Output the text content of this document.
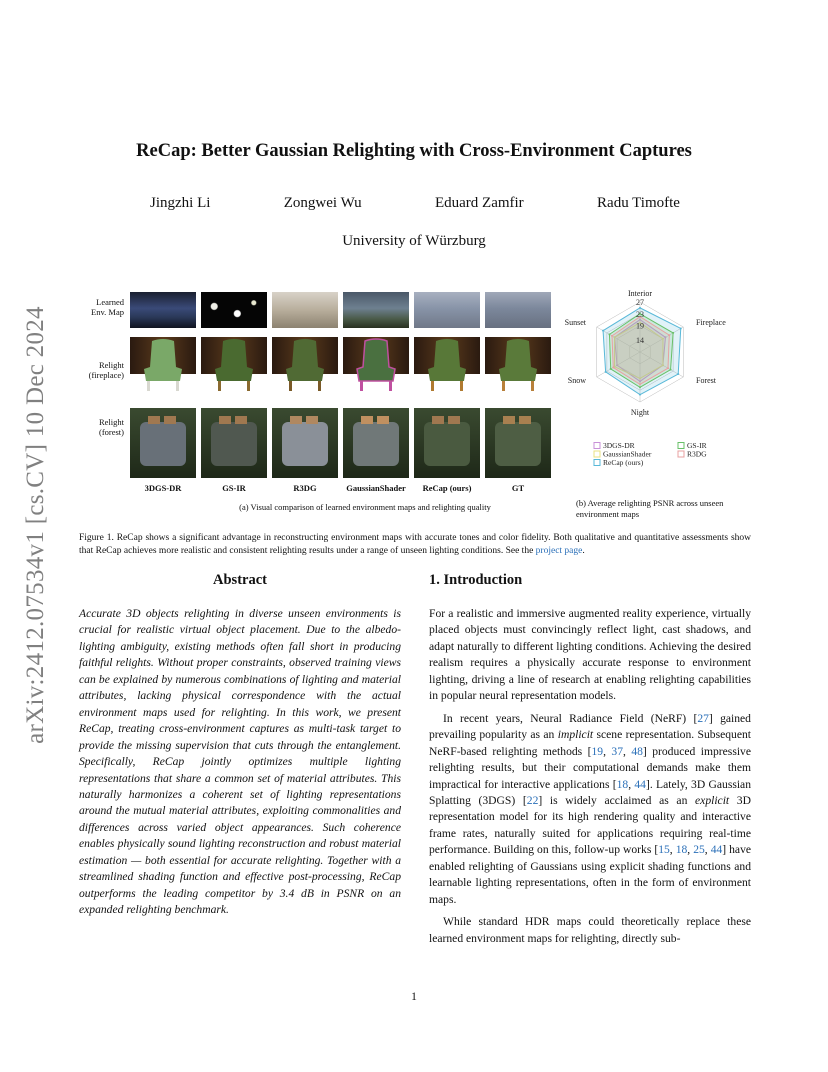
arXiv:2412.07534v1 [cs.CV] 10 Dec 2024
ReCap: Better Gaussian Relighting with Cross-Environment Captures
Jingzhi Li	Zongwei Wu	Eduard Zamfir	Radu Timofte
University of Würzburg
Learned
Env. Map
Relight
(fireplace)
Relight
(forest)
3DGS-DR	GS-IR	R3DG	GaussianShader	ReCap (ours)	GT
(a) Visual comparison of learned environment maps and relighting quality
14
19
23
27
Interior
Fireplace
Forest
Night
Snow
Sunset
3DGS-DR	GS-IR
GaussianShader	R3DG
ReCap (ours)
(b) Average relighting PSNR across unseen environment maps

Figure 1. ReCap shows a significant advantage in reconstructing environment maps with accurate tones and color fidelity. Both qualitative and quantitative assessments show that ReCap achieves more realistic and consistent relighting results under a range of unseen lighting conditions. See the project page.

Abstract

Accurate 3D objects relighting in diverse unseen environments is crucial for realistic virtual object placement. Due to the albedo-lighting ambiguity, existing methods often fall short in producing faithful relights. Without proper constraints, observed training views can be explained by numerous combinations of lighting and material attributes, lacking physical correspondence with the actual environment maps used for relighting. In this work, we present ReCap, treating cross-environment captures as multi-task target to provide the missing supervision that cuts through the entanglement. Specifically, ReCap jointly optimizes multiple lighting representations that share a common set of material attributes. This naturally harmonizes a coherent set of lighting representations around the mutual material attributes, exploiting commonalities and differences across varied object appearances. Such coherence enables physically sound lighting reconstruction and robust material estimation — both essential for accurate relighting. Together with a streamlined shading function and effective post-processing, ReCap outperforms the leading competitor by 3.4 dB in PSNR on an expanded relighting benchmark.

1. Introduction

For a realistic and immersive augmented reality experience, virtually placed objects must convincingly reflect light, cast shadows, and adapt naturally to different lighting conditions. Achieving the desired realism requires a physically accurate response to environment lighting, driving a line of research at enabling relighting capabilities in popular neural representation models.

In recent years, Neural Radiance Field (NeRF) [27] gained prevailing popularity as an implicit scene representation. Subsequent NeRF-based relighting methods [19, 37, 48] produced impressive relighting results, but their computational demands make them impractical for interactive applications [18, 44]. Lately, 3D Gaussian Splatting (3DGS) [22] is widely acclaimed as an explicit 3D representation model for its high rendering quality and interactive frame rates, naturally suited for applications requiring real-time performance. Building on this, follow-up works [15, 18, 25, 44] have enabled relighting of Gaussians using explicit shading functions and learnable lighting representations, often in the form of environment maps.

While standard HDR maps could theoretically replace these learned environment maps for relighting, directly sub-

1
